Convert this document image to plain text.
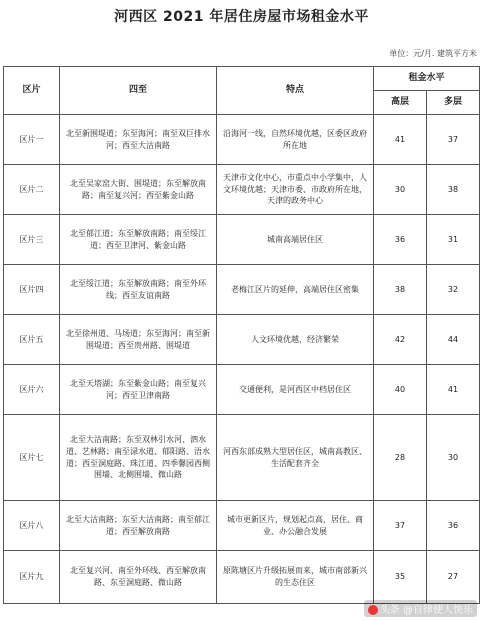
河西区 2021 年居住房屋市场租金水平
单位：元/月. 建筑平方米
区片	四至	特点	租金水平	
			高层	多层
区片一	北至新围堤道；东至海河；南至双巨排水河；西至大沽南路	沿海河一线，自然环境优越，区委区政府所在地	41	37
区片二	北至吴家窑大街、围堤道；东至解放南路；南至复兴河；西至紫金山路	天津市文化中心，市重点中小学集中，人文环境优越；天津市委、市政府所在地，天津的政务中心	30	38
区片三	北至郁江道；东至解放南路；南至绥江道；西至卫津河、紫金山路	城南高端居住区	36	31
区片四	北至绥江道；东至解放南路；南至外环线；西至友谊南路	老梅江区片的延伸，高端居住区密集	38	32
区片五	北至徐州道、马场道；东至海河；南至新围堤道；西至贵州路、围堤道	人文环境优越，经济繁荣	42	44
区片六	北至天塔湖；东至紫金山路；南至复兴河；西至卫津南路	交通便利，是河西区中档居住区	40	41
区片七	北至大沽南路；东至双林引水河、泗水道、艺林路；南至渌水道、郁阳路、浯水道；西至洞庭路、珠江道、四季馨园西侧围墙、北侧围墙、微山路	河西东部成熟大型居住区，城南高教区、生活配套齐全	28	30
区片八	北至大沽南路；东至大沽南路；南至郁江道；西至解放南路	城市更新区片，规划起点高，居住、商业、办公融合发展	37	36
区片九	北至复兴河、南至外环线、西至解放南路、东至洞庭路、微山路	原陈塘区片升级拓展而来，城市南部新兴的生态住区	35	27
头条 @自律使人快乐
